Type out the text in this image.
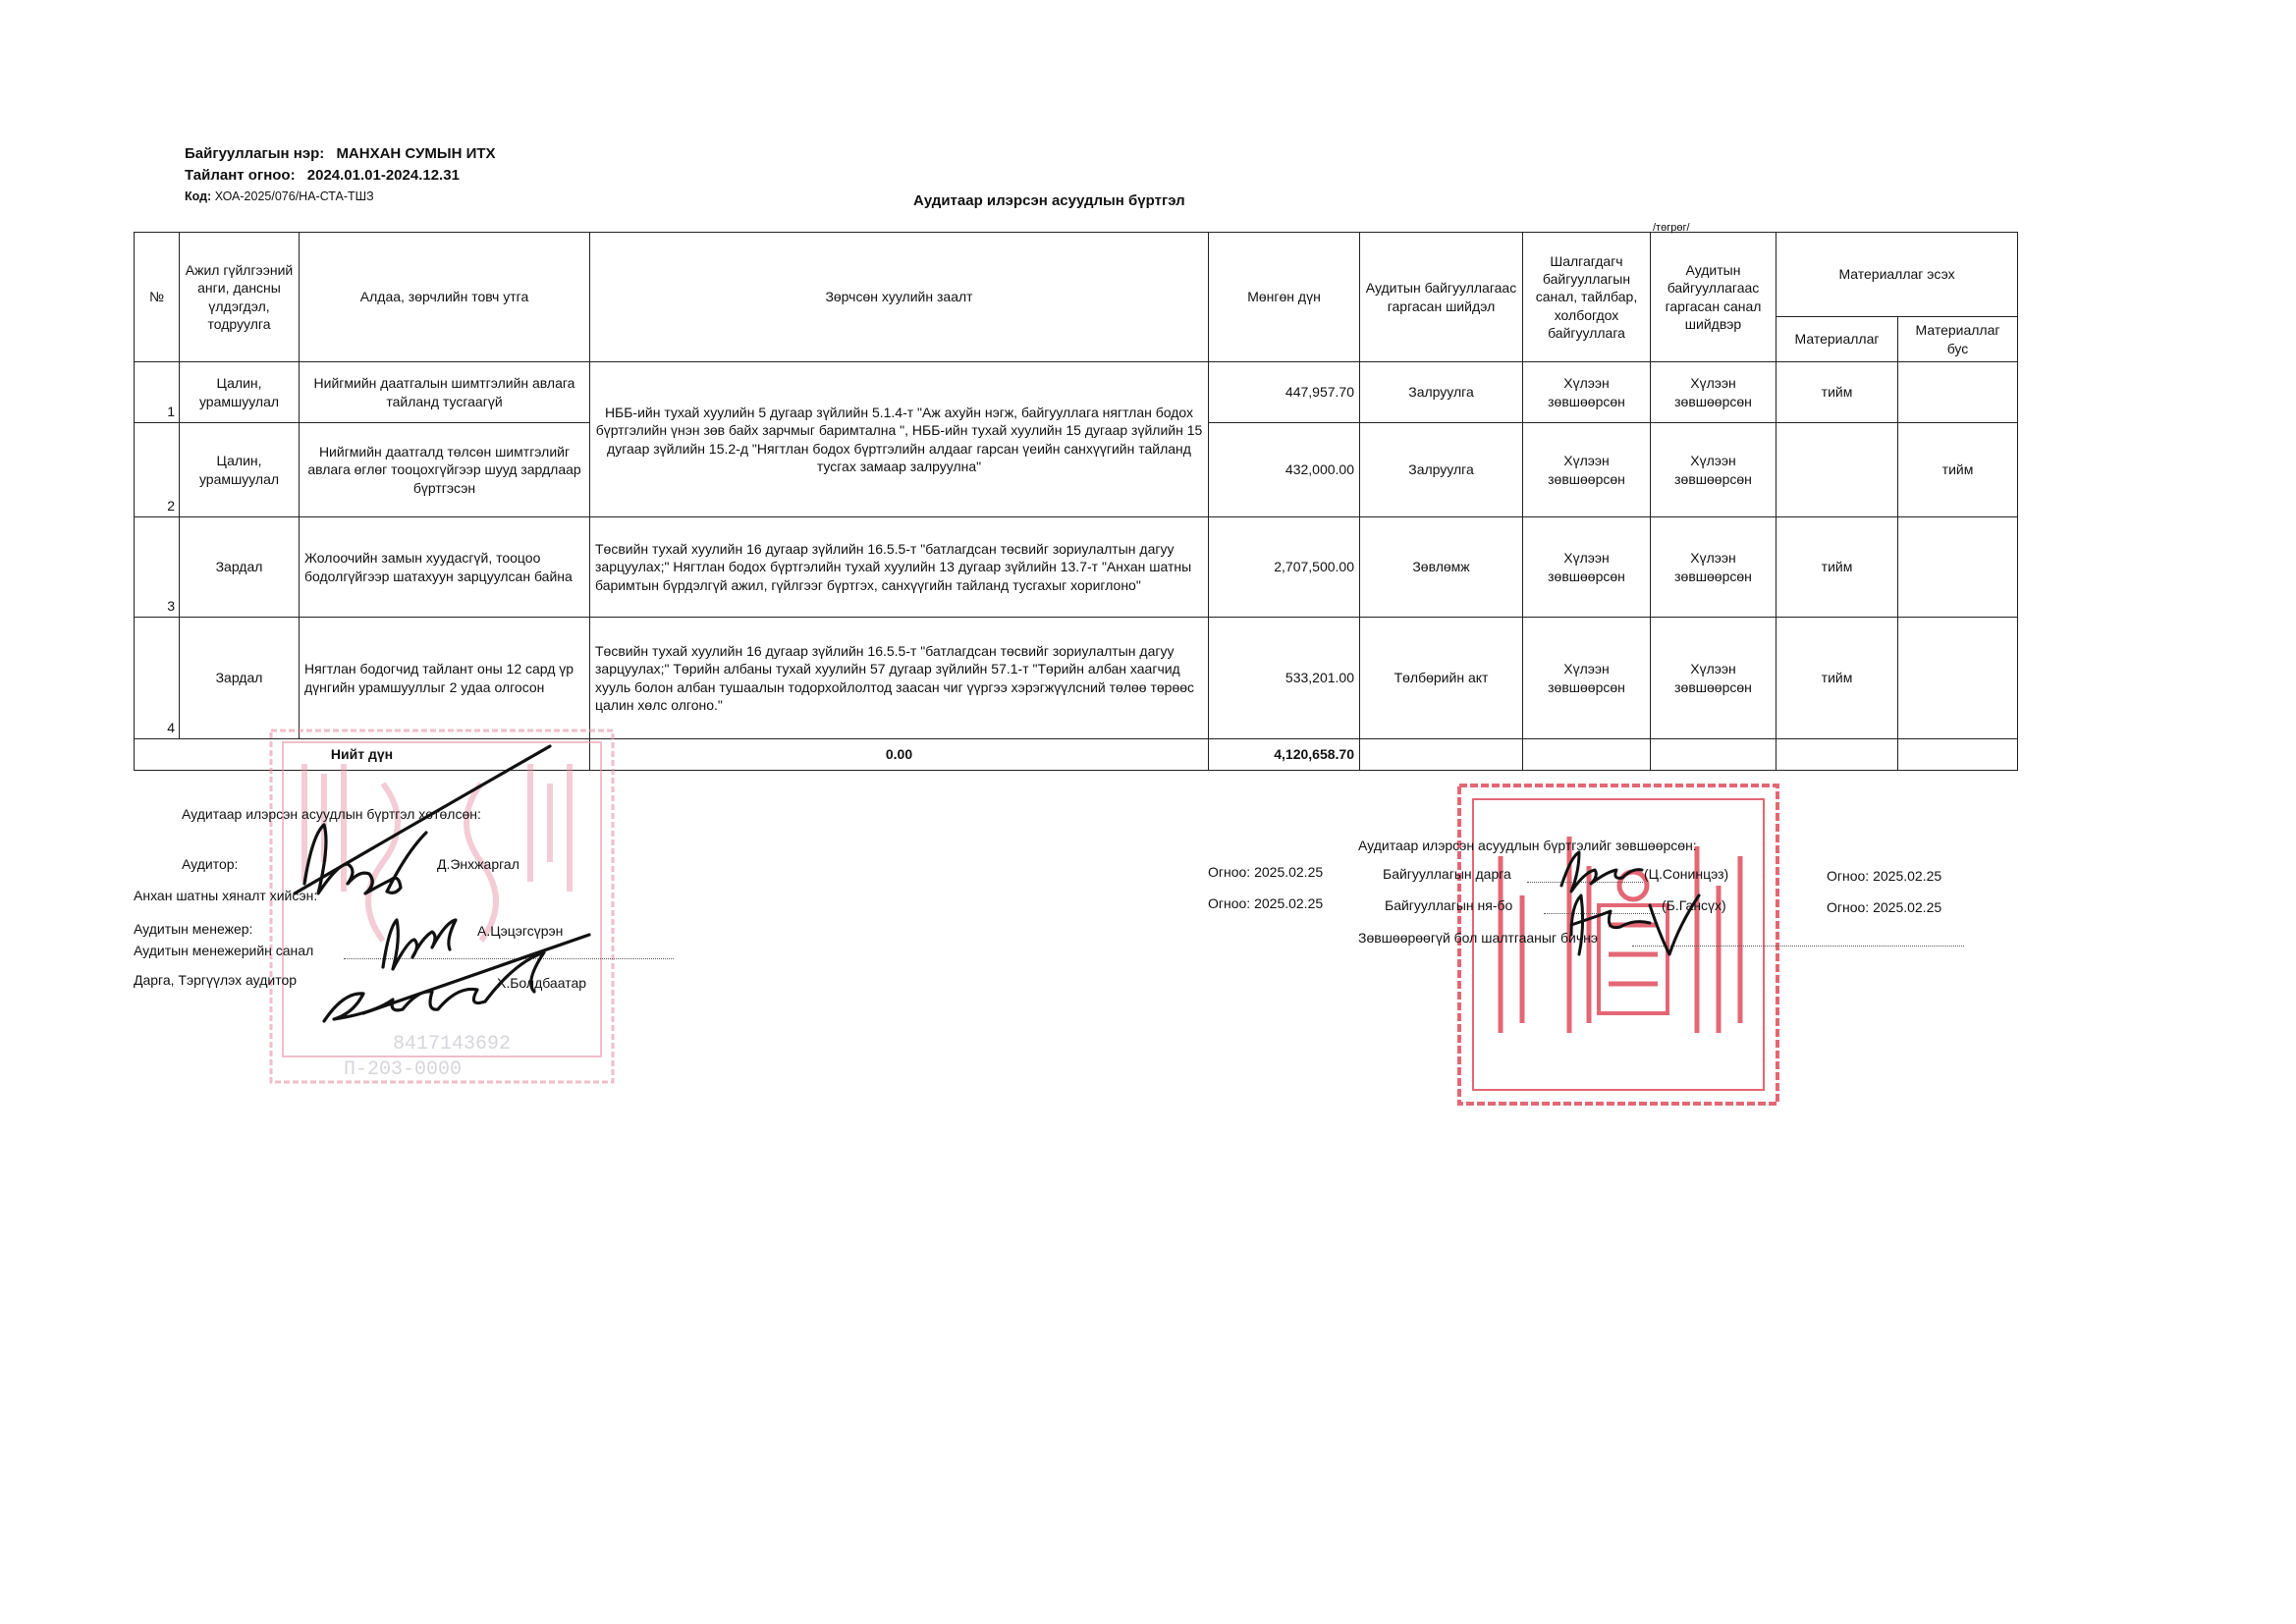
Байгууллагын нэр: МАНХАН СУМЫН ИТХ
Тайлант огноо: 2024.01.01-2024.12.31
Код: ХОА-2025/076/НА-СТА-ТШЗ	Аудитаар илэрсэн асуудлын бүртгэл
/төгрөг/
№	Ажил гүйлгээний анги, дансны үлдэгдэл, тодруулга	Алдаа, зөрчлийн товч утга	Зөрчсөн хуулийн заалт	Мөнгөн дүн	Аудитын байгууллагаас гаргасан шийдэл	Шалгагдагч байгууллагын санал, тайлбар, холбогдох байгууллага	Аудитын байгууллагаас гаргасан санал шийдвэр	Материаллаг эсэх	
								Материаллаг	Материаллаг бус

1	Цалин, урамшуулал	Нийгмийн даатгалын шимтгэлийн авлага тайланд тусгаагүй	НББ-ийн тухай хуулийн 5 дугаар зүйлийн 5.1.4-т "Аж ахуйн нэгж, байгууллага нягтлан бодох бүртгэлийн үнэн зөв байх зарчмыг баримтална ", НББ-ийн тухай хуулийн 15 дугаар зүйлийн 15 дугаар зүйлийн 15.2-д "Нягтлан бодох бүртгэлийн алдааг гарсан үеийн санхүүгийн тайланд тусгах замаар залруулна"	447,957.70	Залруулга	Хүлээн зөвшөөрсөн	Хүлээн зөвшөөрсөн	тийм	

2	Цалин, урамшуулал	Нийгмийн даатгалд төлсөн шимтгэлийг авлага өглөг тооцохгүйгээр шууд зардлаар бүртгэсэн		432,000.00	Залруулга	Хүлээн зөвшөөрсөн	Хүлээн зөвшөөрсөн		тийм

3	Зардал	Жолоочийн замын хуудасгүй, тооцоо бодолгүйгээр шатахуун зарцуулсан байна	Төсвийн тухай хуулийн 16 дугаар зүйлийн 16.5.5-т "батлагдсан төсвийг зориулалтын дагуу зарцуулах;" Нягтлан бодох бүртгэлийн тухай хуулийн 13 дугаар зүйлийн 13.7-т "Анхан шатны баримтын бүрдэлгүй ажил, гүйлгээг бүртгэх, санхүүгийн тайланд тусгахыг хориглоно"	2,707,500.00	Зөвлөмж	Хүлээн зөвшөөрсөн	Хүлээн зөвшөөрсөн	тийм	

4	Зардал	Нягтлан бодогчид тайлант оны 12 сард үр дүнгийн урамшууллыг 2 удаа олгосон	Төсвийн тухай хуулийн 16 дугаар зүйлийн 16.5.5-т "батлагдсан төсвийг зориулалтын дагуу зарцуулах;" Төрийн албаны тухай хуулийн 57 дугаар зүйлийн 57.1-т "Төрийн албан хаагчид хууль болон албан тушаалын тодорхойлолтод заасан чиг үүргээ хэрэгжүүлсний төлөө төрөөс цалин хөлс олгоно."	533,201.00	Төлбөрийн акт	Хүлээн зөвшөөрсөн	Хүлээн зөвшөөрсөн	тийм	
Нийт дүн			0.00	4,120,658.70					
8417143692
П-203-0000
Аудитаар илэрсэн асуудлын бүртгэл хөтөлсөн:
Аудитор:	Д.Энхжаргал
Анхан шатны хяналт хийсэн:
Аудитын менежер:	А.Цэцэгсүрэн
Аудитын менежерийн санал
Дарга, Тэргүүлэх аудитор	Х.Болдбаатар
Аудитаар илэрсэн асуудлын бүртгэлийг зөвшөөрсөн:
Огноо: 2025.02.25	Байгууллагын дарга	(Ц.Сонинцэз)	Огноо: 2025.02.25
Огноо: 2025.02.25	Байгууллагын ня-бо	(Б.Гансүх)	Огноо: 2025.02.25
Зөвшөөрөөгүй бол шалтгааныг бичнэ
